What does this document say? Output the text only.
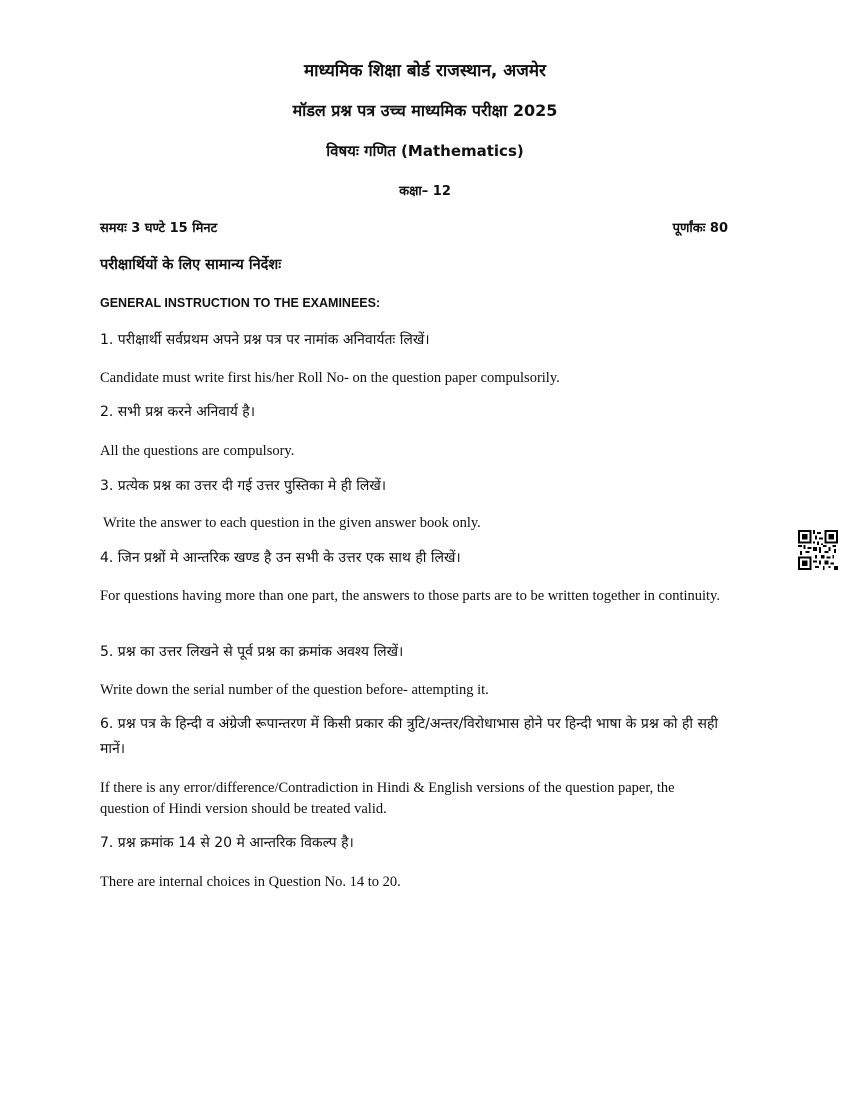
माध्यमिक शिक्षा बोर्ड राजस्थान, अजमेर
मॉडल प्रश्न पत्र उच्च माध्यमिक परीक्षा 2025
विषयः गणित (Mathematics)
कक्षा– 12
समयः 3 घण्टे 15 मिनट	पूर्णांकः 80
परीक्षार्थियों के लिए सामान्य निर्देशः
GENERAL INSTRUCTION TO THE EXAMINEES:
1. परीक्षार्थी सर्वप्रथम अपने प्रश्न पत्र पर नामांक अनिवार्यतः लिखें।
Candidate must write first his/her Roll No- on the question paper compulsorily.
2. सभी प्रश्न करने अनिवार्य है।
All the questions are compulsory.
3. प्रत्येक प्रश्न का उत्तर दी गई उत्तर पुस्तिका मे ही लिखें।
Write the answer to each question in the given answer book only.
4. जिन प्रश्नों मे आन्तरिक खण्ड है उन सभी के उत्तर एक साथ ही लिखें।
For questions having more than one part, the answers to those parts are to be written together in continuity.
5. प्रश्न का उत्तर लिखने से पूर्व प्रश्न का क्रमांक अवश्य लिखें।
Write down the serial number of the question before- attempting it.
6. प्रश्न पत्र के हिन्दी व अंग्रेजी रूपान्तरण में किसी प्रकार की त्रुटि/अन्तर/विरोधाभास होने पर हिन्दी भाषा के प्रश्न को ही सही मानें।
If there is any error/difference/Contradiction in Hindi & English versions of the question paper, the question of Hindi version should be treated valid.
7. प्रश्न क्रमांक 14 से 20 मे आन्तरिक विकल्प है।
There are internal choices in Question No. 14 to 20.
